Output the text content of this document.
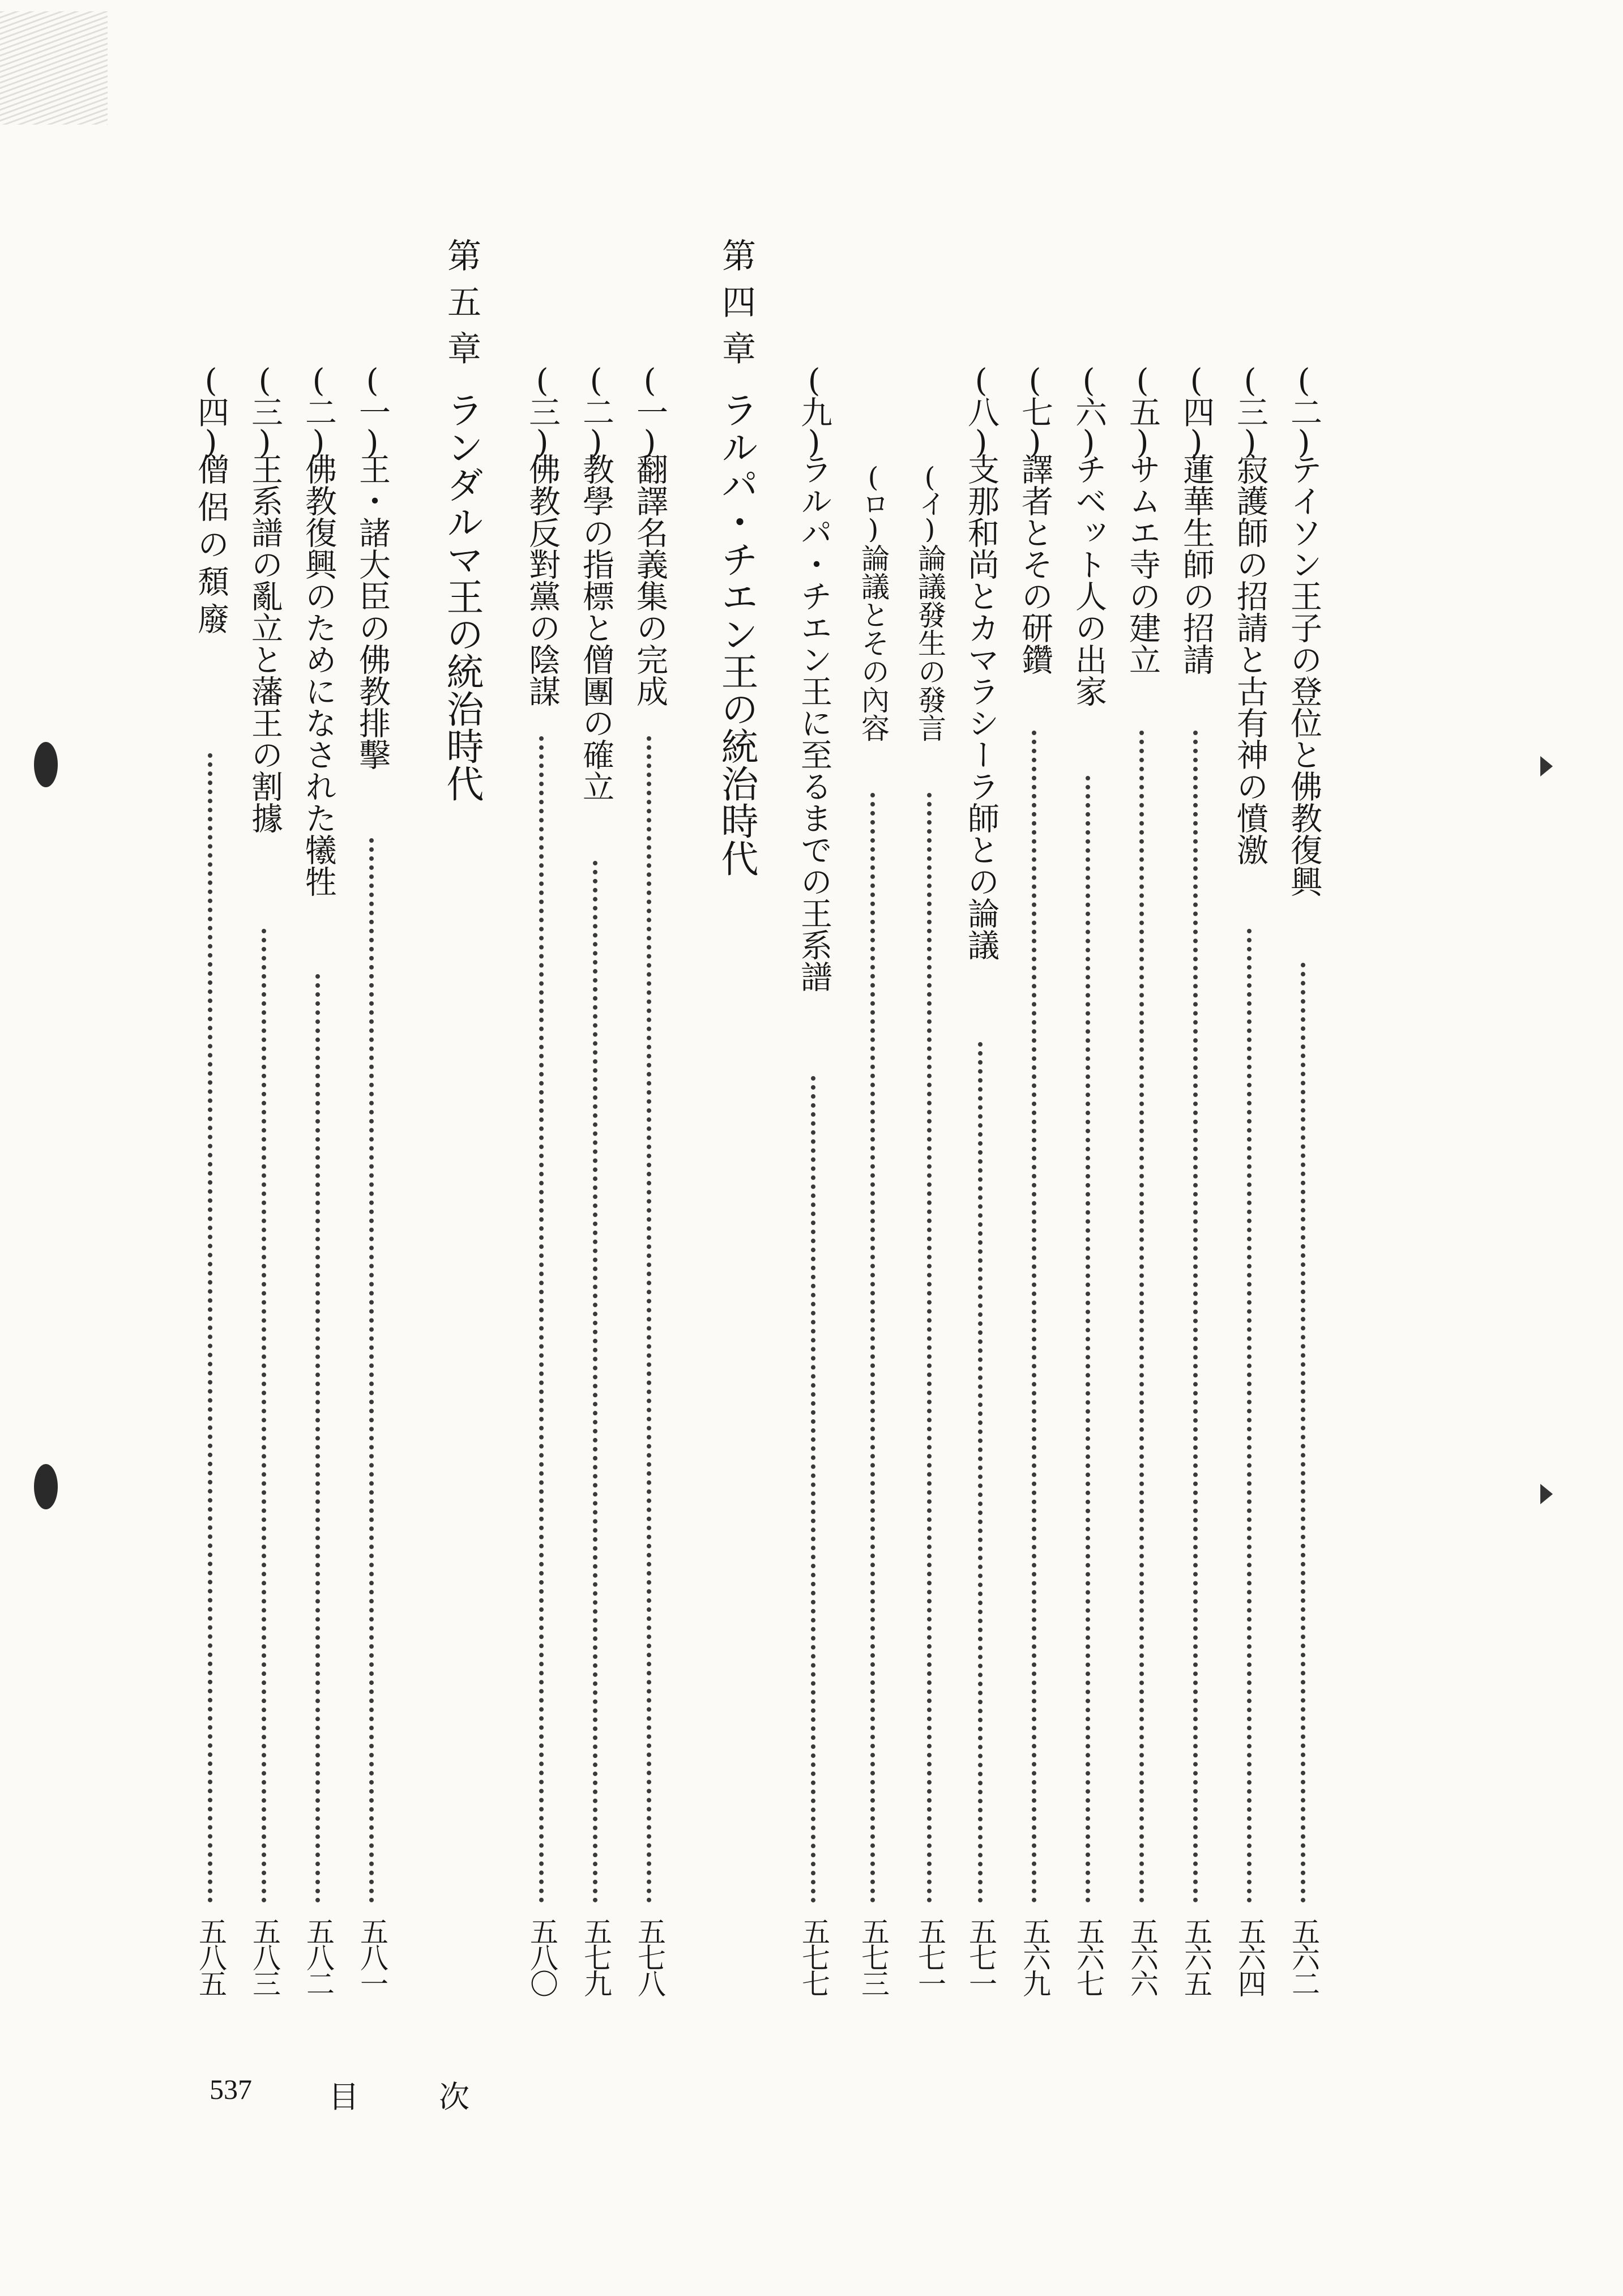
(二)
テイソン王子の登位と佛教復興
五六二
(三)
寂護師の招請と古有神の憤激
五六四
(四)
蓮華生師の招請
五六五
(五)
サムエ寺の建立
五六六
(六)
チベット人の出家
五六七
(七)
譯者とその研鑽
五六九
(八)
支那和尚とカマラシーラ師との論議
五七一
(イ)
論議發生の發言
五七一
(ロ)
論議とその內容
五七三
(九)
ラルパ・チエン王に至るまでの王系譜
五七七
第四章
ラルパ・チエン王の統治時代
(一)
翻譯名義集の完成
五七八
(二)
教學の指標と僧團の確立
五七九
(三)
佛教反對黨の陰謀
五八〇
第五章
ランダルマ王の統治時代
(一)
王・諸大臣の佛教排擊
五八一
(二)
佛教復興のためになされた犧牲
五八二
(三)
王系譜の亂立と藩王の割據
五八三
(四)
僧侶の頹廢
五八五
537	目	次
